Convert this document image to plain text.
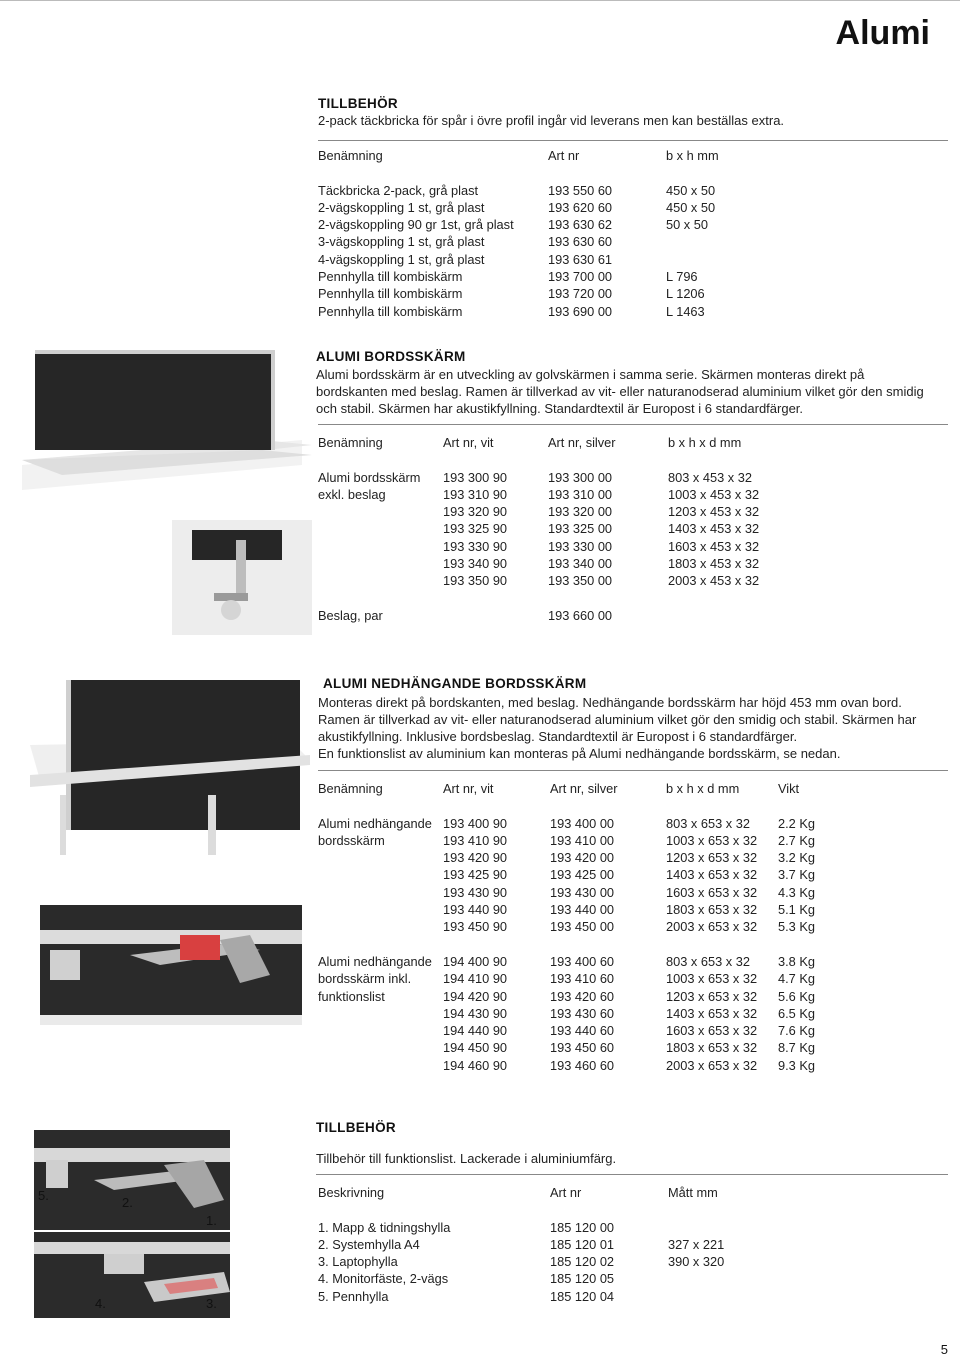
Alumi
TILLBEHÖR
2-pack täckbricka för spår i övre profil ingår vid leverans men kan beställas extra.
Benämning	Art nr	b x h mm

Täckbricka 2-pack, grå plast	193 550 60	450 x 50
2-vägskoppling 1 st, grå plast	193 620 60	450 x 50
2-vägskoppling 90 gr 1st, grå plast	193 630 62	50 x 50
3-vägskoppling 1 st, grå plast	193 630 60	
4-vägskoppling 1 st, grå plast	193 630 61	
Pennhylla till kombiskärm	193 700 00	L 796
Pennhylla till kombiskärm	193 720 00	L 1206
Pennhylla till kombiskärm	193 690 00	L 1463
ALUMI BORDSSKÄRM
Alumi bordsskärm är en utveckling av golvskärmen i samma serie. Skärmen monteras direkt på
bordskanten med beslag. Ramen är tillverkad av vit- eller naturanodserad aluminium vilket gör den smidig
och stabil. Skärmen har akustikfyllning. Standardtextil är Europost i 6 standardfärger.
Benämning	Art nr, vit	Art nr, silver	b x h x d mm

Alumi bordsskärm	193 300 90	193 300 00	803 x 453 x 32
exkl. beslag	193 310 90	193 310 00	1003 x 453 x 32
	193 320 90	193 320 00	1203 x 453 x 32
	193 325 90	193 325 00	1403 x 453 x 32
	193 330 90	193 330 00	1603 x 453 x 32
	193 340 90	193 340 00	1803 x 453 x 32
	193 350 90	193 350 00	2003 x 453 x 32

Beslag, par		193 660 00	
ALUMI NEDHÄNGANDE BORDSSKÄRM
Monteras direkt på bordskanten, med beslag. Nedhängande bordsskärm har höjd 453 mm ovan bord.
Ramen är tillverkad av vit- eller naturanodserad aluminium vilket gör den smidig och stabil. Skärmen har
akustikfyllning. Inklusive bordsbeslag. Standardtextil är Europost i 6 standardfärger.
En funktionslist av aluminium kan monteras på Alumi nedhängande bordsskärm, se nedan.
Benämning	Art nr, vit	Art nr, silver	b x h x d mm	Vikt

Alumi nedhängande	193 400 90	193 400 00	803 x 653 x 32	2.2 Kg
bordsskärm	193 410 90	193 410 00	1003 x 653 x 32	2.7 Kg
	193 420 90	193 420 00	1203 x 653 x 32	3.2 Kg
	193 425 90	193 425 00	1403 x 653 x 32	3.7 Kg
	193 430 90	193 430 00	1603 x 653 x 32	4.3 Kg
	193 440 90	193 440 00	1803 x 653 x 32	5.1 Kg
	193 450 90	193 450 00	2003 x 653 x 32	5.3 Kg

Alumi nedhängande	194 400 90	193 400 60	803 x 653 x 32	3.8 Kg
bordsskärm inkl.	194 410 90	193 410 60	1003 x 653 x 32	4.7 Kg
funktionslist	194 420 90	193 420 60	1203 x 653 x 32	5.6 Kg
	194 430 90	193 430 60	1403 x 653 x 32	6.5 Kg
	194 440 90	193 440 60	1603 x 653 x 32	7.6 Kg
	194 450 90	193 450 60	1803 x 653 x 32	8.7 Kg
	194 460 90	193 460 60	2003 x 653 x 32	9.3 Kg
TILLBEHÖR
Tillbehör till funktionslist. Lackerade i aluminiumfärg.
Beskrivning	Art nr	Mått mm

1. Mapp & tidningshylla	185 120 00	
2. Systemhylla A4	185 120 01	327 x 221
3. Laptophylla	185 120 02	390 x 320
4. Monitorfäste, 2-vägs	185 120 05	
5. Pennhylla	185 120 04	
5.	2.
1.
4.	3.
5
